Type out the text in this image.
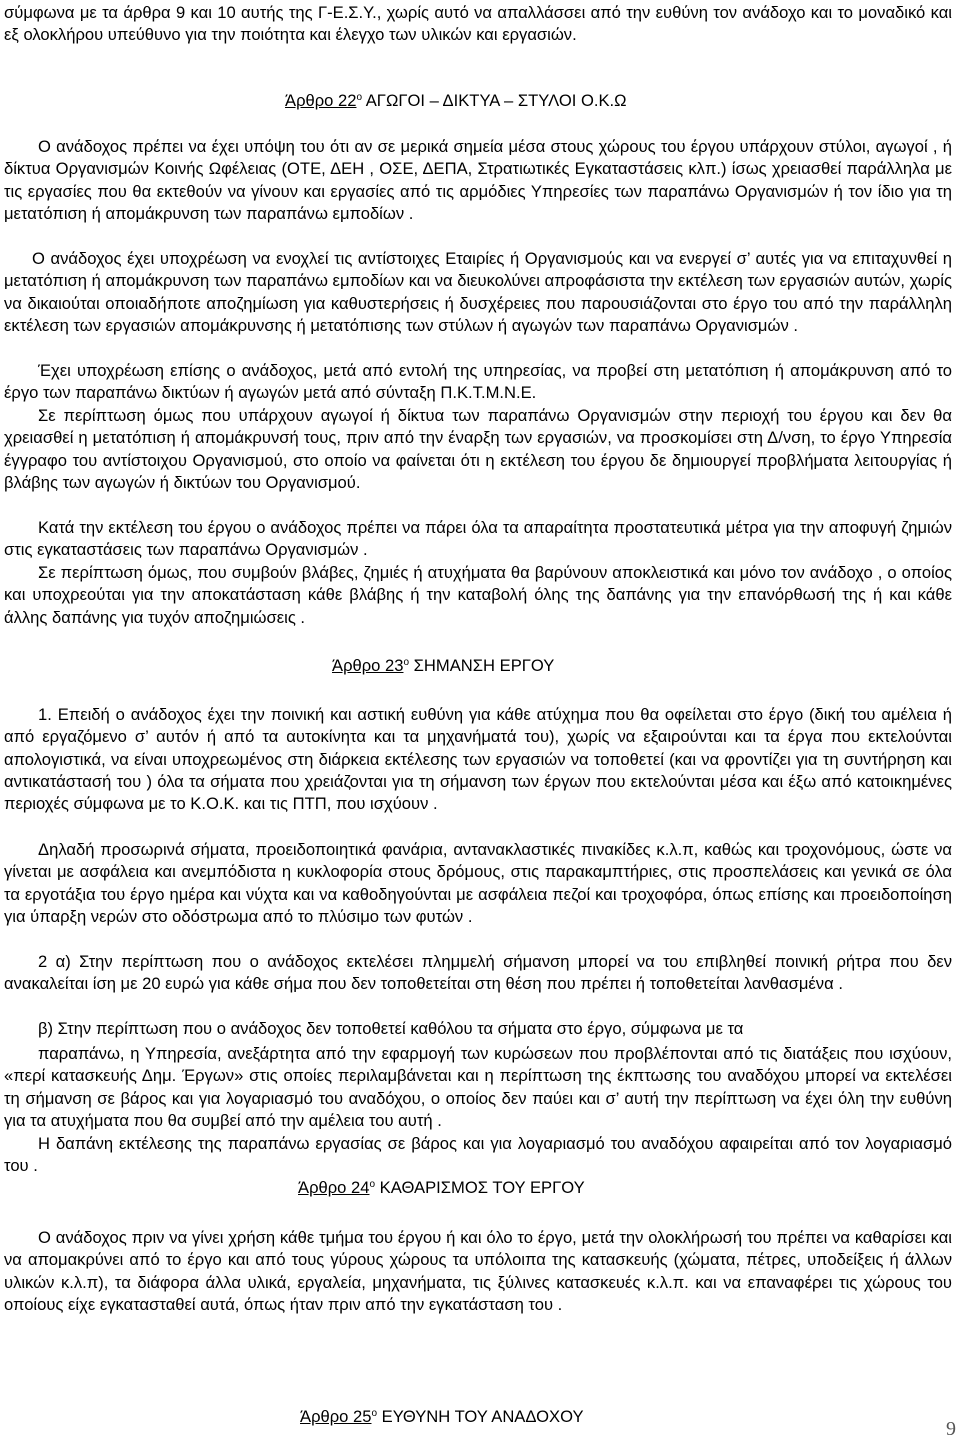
σύμφωνα με τα άρθρα 9 και 10 αυτής της Γ-Ε.Σ.Υ., χωρίς αυτό να απαλλάσσει από την ευθύνη τον ανάδοχο και το μοναδικό και εξ ολοκλήρου υπεύθυνο για την ποιότητα και έλεγχο των υλικών και εργασιών.

Άρθρο $22^o$ ΑΓΩΓΟΙ – ΔΙΚΤΥΑ – ΣΤΥΛΟΙ Ο.Κ.Ω

Ο ανάδοχος πρέπει να έχει υπόψη του ότι αν σε μερικά σημεία μέσα στους χώρους του έργου υπάρχουν στύλοι, αγωγοί , ή δίκτυα Οργανισμών Κοινής Ωφέλειας (ΟΤΕ, ΔΕΗ , ΟΣΕ, ΔΕΠΑ, Στρατιωτικές Εγκαταστάσεις κλπ.) ίσως χρειασθεί παράλληλα με τις εργασίες που θα εκτεθούν να γίνουν και εργασίες από τις αρμόδιες Υπηρεσίες των παραπάνω Οργανισμών ή τον ίδιο για τη μετατόπιση ή απομάκρυνση των παραπάνω εμποδίων .

Ο ανάδοχος έχει υποχρέωση να ενοχλεί τις αντίστοιχες Εταιρίες ή Οργανισμούς και να ενεργεί σ’ αυτές για να επιταχυνθεί η μετατόπιση ή απομάκρυνση των παραπάνω εμποδίων και να διευκολύνει απροφάσιστα την εκτέλεση των εργασιών αυτών, χωρίς να δικαιούται οποιαδήποτε αποζημίωση για καθυστερήσεις ή δυσχέρειες που παρουσιάζονται στο έργο του από την παράλληλη εκτέλεση των εργασιών απομάκρυνσης ή μετατόπισης των στύλων ή αγωγών των παραπάνω Οργανισμών .

Έχει υποχρέωση επίσης ο ανάδοχος, μετά από εντολή της υπηρεσίας, να προβεί στη μετατόπιση ή απομάκρυνση από το έργο των παραπάνω δικτύων ή αγωγών μετά από σύνταξη Π.Κ.Τ.Μ.Ν.Ε.

Σε περίπτωση όμως που υπάρχουν αγωγοί ή δίκτυα των παραπάνω Οργανισμών στην περιοχή του έργου και δεν θα χρειασθεί η μετατόπιση ή απομάκρυνσή τους, πριν από την έναρξη των εργασιών, να προσκομίσει στη Δ/νση, το έργο Υπηρεσία έγγραφο του αντίστοιχου Οργανισμού, στο οποίο να φαίνεται ότι η εκτέλεση του έργου δε δημιουργεί προβλήματα λειτουργίας ή βλάβης των αγωγών ή δικτύων του Οργανισμού.

Κατά την εκτέλεση του έργου ο ανάδοχος πρέπει να πάρει όλα τα απαραίτητα προστατευτικά μέτρα για την αποφυγή ζημιών στις εγκαταστάσεις των παραπάνω Οργανισμών .

Σε περίπτωση όμως, που συμβούν βλάβες, ζημιές ή ατυχήματα θα βαρύνουν αποκλειστικά και μόνο τον ανάδοχο , ο οποίος και υποχρεούται για την αποκατάσταση κάθε βλάβης ή την καταβολή όλης της δαπάνης για την επανόρθωσή της ή και κάθε άλλης δαπάνης για τυχόν αποζημιώσεις .

Άρθρο $23^o$ ΣΗΜΑΝΣΗ ΕΡΓΟΥ

1. Επειδή ο ανάδοχος έχει την ποινική και αστική ευθύνη για κάθε ατύχημα που θα οφείλεται στο έργο (δική του αμέλεια ή από εργαζόμενο σ’ αυτόν ή από τα αυτοκίνητα και τα μηχανήματά του), χωρίς να εξαιρούνται και τα έργα που εκτελούνται απολογιστικά, να είναι υποχρεωμένος στη διάρκεια εκτέλεσης των εργασιών να τοποθετεί (και να φροντίζει για τη συντήρηση και αντικατάστασή του ) όλα τα σήματα που χρειάζονται για τη σήμανση των έργων που εκτελούνται μέσα και έξω από κατοικημένες περιοχές σύμφωνα με το Κ.Ο.Κ. και τις ΠΤΠ, που ισχύουν .

Δηλαδή προσωρινά σήματα, προειδοποιητικά φανάρια, αντανακλαστικές πινακίδες κ.λ.π, καθώς και τροχονόμους, ώστε να γίνεται με ασφάλεια και ανεμπόδιστα η κυκλοφορία στους δρόμους, στις παρακαμπτήριες, στις προσπελάσεις και γενικά σε όλα τα εργοτάξια του έργο ημέρα και νύχτα και να καθοδηγούνται με ασφάλεια πεζοί και τροχοφόρα, όπως επίσης και προειδοποίηση για ύπαρξη νερών στο οδόστρωμα από το πλύσιμο των φυτών .

2 α) Στην περίπτωση που ο ανάδοχος εκτελέσει πλημμελή σήμανση μπορεί να του επιβληθεί ποινική ρήτρα που δεν ανακαλείται ίση με 20 ευρώ για κάθε σήμα που δεν τοποθετείται στη θέση που πρέπει ή τοποθετείται λανθασμένα .

β) Στην περίπτωση που ο ανάδοχος δεν τοποθετεί καθόλου τα σήματα στο έργο, σύμφωνα με τα

παραπάνω, η Υπηρεσία, ανεξάρτητα από την εφαρμογή των κυρώσεων που προβλέπονται από τις διατάξεις που ισχύουν, «περί κατασκευής Δημ. Έργων» στις οποίες περιλαμβάνεται και η περίπτωση της έκπτωσης του αναδόχου μπορεί να εκτελέσει τη σήμανση σε βάρος και για λογαριασμό του αναδόχου, ο οποίος δεν παύει και σ’ αυτή την περίπτωση να έχει όλη την ευθύνη για τα ατυχήματα που θα συμβεί από την αμέλεια του αυτή .

Η δαπάνη εκτέλεσης της παραπάνω εργασίας σε βάρος και για λογαριασμό του αναδόχου αφαιρείται από τον λογαριασμό του .

Άρθρο $24^o$ ΚΑΘΑΡΙΣΜΟΣ ΤΟΥ ΕΡΓΟΥ

Ο ανάδοχος πριν να γίνει χρήση κάθε τμήμα του έργου ή και όλο το έργο, μετά την ολοκλήρωσή του πρέπει να καθαρίσει και να απομακρύνει από το έργο και από τους γύρους χώρους τα υπόλοιπα της κατασκευής (χώματα, πέτρες, υποδείξεις ή άλλων υλικών κ.λ.π), τα διάφορα άλλα υλικά, εργαλεία, μηχανήματα, τις ξύλινες κατασκευές κ.λ.π. και να επαναφέρει τις χώρους του οποίους είχε εγκατασταθεί αυτά, όπως ήταν πριν από την εγκατάσταση του .

Άρθρο $25^o$ ΕΥΘΥΝΗ ΤΟΥ ΑΝΑΔΟΧΟΥ
9
